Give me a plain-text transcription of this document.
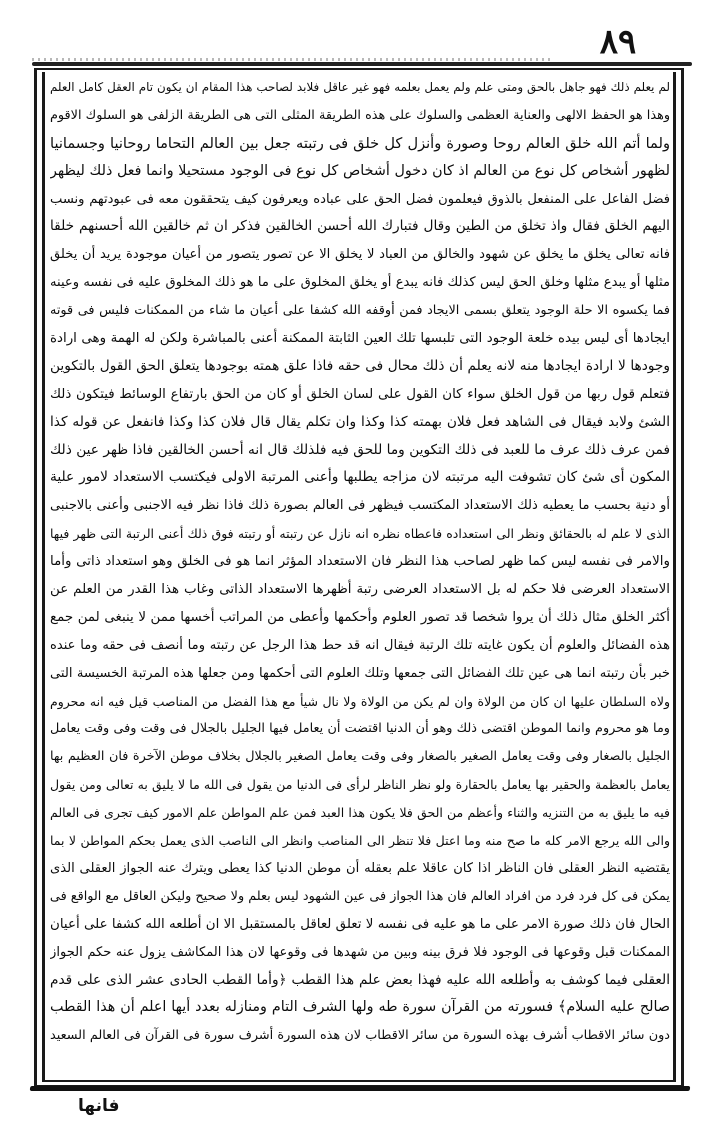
٨٩
لم يعلم ذلك فهو جاهل بالحق ومتى علم ولم يعمل بعلمه فهو غير عاقل فلابد لصاحب هذا المقام ان يكون تام العقل كامل العلم
وهذا هو الحفظ الالهى والعناية العظمى والسلوك على هذه الطريقة المثلى التى هى الطريقة الزلفى هو السلوك الاقوم
ولما أتم الله خلق العالم روحا وصورة وأنزل كل خلق فى رتبته جعل بين العالم التحاما روحانيا وجسمانيا
لظهور أشخاص كل نوع من العالم اذ كان دخول أشخاص كل نوع فى الوجود مستحيلا وانما فعل ذلك ليظهر
فضل الفاعل على المنفعل بالذوق فيعلمون فضل الحق على عباده ويعرفون كيف يتحققون معه فى عبودتهم ونسب
اليهم الخلق فقال واذ تخلق من الطين وقال فتبارك الله أحسن الخالقين فذكر ان ثم خالقين الله أحسنهم خلقا
فانه تعالى يخلق ما يخلق عن شهود والخالق من العباد لا يخلق الا عن تصور يتصور من أعيان موجودة يريد أن يخلق
مثلها أو يبدع مثلها وخلق الحق ليس كذلك فانه يبدع أو يخلق المخلوق على ما هو ذلك المخلوق عليه فى نفسه وعينه
فما يكسوه الا حلة الوجود يتعلق بسمى الايجاد فمن أوقفه الله كشفا على أعيان ما شاء من الممكنات فليس فى قوته
ايجادها أى ليس بيده خلعة الوجود التى تلبسها تلك العين الثابتة الممكنة أعنى بالمباشرة ولكن له الهمة وهى ارادة
وجودها لا ارادة ايجادها منه لانه يعلم أن ذلك محال فى حقه فاذا علق همته بوجودها يتعلق الحق القول بالتكوين
فتعلم قول ربها من قول الخلق سواء كان القول على لسان الخلق أو كان من الحق بارتفاع الوسائط فيتكون ذلك
الشئ ولابد فيقال فى الشاهد فعل فلان بهمته كذا وكذا وان تكلم يقال قال فلان كذا وكذا فانفعل عن قوله كذا
فمن عرف ذلك عرف ما للعبد فى ذلك التكوين وما للحق فيه فلذلك قال انه أحسن الخالقين فاذا ظهر عين ذلك
المكون أى شئ كان تشوفت اليه مرتبته لان مزاجه يطلبها وأعنى المرتبة الاولى فيكتسب الاستعداد لامور علية
أو دنية بحسب ما يعطيه ذلك الاستعداد المكتسب فيظهر فى العالم بصورة ذلك فاذا نظر فيه الاجنبى وأعنى بالاجنبى
الذى لا علم له بالحقائق ونظر الى استعداده فاعطاه نظره انه نازل عن رتبته أو رتبته فوق ذلك أعنى الرتبة التى ظهر فيها
والامر فى نفسه ليس كما ظهر لصاحب هذا النظر فان الاستعداد المؤثر انما هو فى الخلق وهو استعداد ذاتى وأما
الاستعداد العرضى فلا حكم له بل الاستعداد العرضى رتبة أظهرها الاستعداد الذاتى وغاب هذا القدر من العلم عن
أكثر الخلق مثال ذلك أن يروا شخصا قد تصور العلوم وأحكمها وأعطى من المراتب أخسها ممن لا ينبغى لمن جمع
هذه الفضائل والعلوم أن يكون غايته تلك الرتبة فيقال انه قد حط هذا الرجل عن رتبته وما أنصف فى حقه وما عنده
خبر بأن رتبته انما هى عين تلك الفضائل التى جمعها وتلك العلوم التى أحكمها ومن جعلها هذه المرتبة الخسيسة التى
ولاه السلطان عليها ان كان من الولاة وان لم يكن من الولاة ولا نال شيأ مع هذا الفضل من المناصب قيل فيه انه محروم
وما هو محروم وانما الموطن اقتضى ذلك وهو أن الدنيا اقتضت أن يعامل فيها الجليل بالجلال فى وقت وفى وقت يعامل
الجليل بالصغار وفى وقت يعامل الصغير بالصغار وفى وقت يعامل الصغير بالجلال بخلاف موطن الآخرة فان العظيم بها
يعامل بالعظمة والحقير بها يعامل بالحقارة ولو نظر الناظر لرأى فى الدنيا من يقول فى الله ما لا يليق به تعالى ومن يقول
فيه ما يليق به من التنزيه والثناء وأعظم من الحق فلا يكون هذا العبد فمن علم المواطن علم الامور كيف تجرى فى العالم
والى الله يرجع الامر كله ما صح منه وما اعتل فلا تنظر الى المناصب وانظر الى الناصب الذى يعمل بحكم المواطن لا بما
يقتضيه النظر العقلى فان الناظر اذا كان عاقلا علم بعقله أن موطن الدنيا كذا يعطى ويترك عنه الجواز العقلى الذى
يمكن فى كل فرد فرد من افراد العالم فان هذا الجواز فى عين الشهود ليس بعلم ولا صحيح وليكن العاقل مع الواقع فى
الحال فان ذلك صورة الامر على ما هو عليه فى نفسه لا تعلق لعاقل بالمستقبل الا ان أطلعه الله كشفا على أعيان
الممكنات قبل وقوعها فى الوجود فلا فرق بينه وبين من شهدها فى وقوعها لان هذا المكاشف يزول عنه حكم الجواز
العقلى فيما كوشف به وأطلعه الله عليه فهذا بعض علم هذا القطب ﴿وأما القطب الحادى عشر الذى على قدم
صالح عليه السلام﴾ فسورته من القرآن سورة طه ولها الشرف التام ومنازله بعدد أيها اعلم أن هذا القطب
دون سائر الاقطاب أشرف بهذه السورة من سائر الاقطاب لان هذه السورة أشرف سورة فى القرآن فى العالم السعيد
فانها
